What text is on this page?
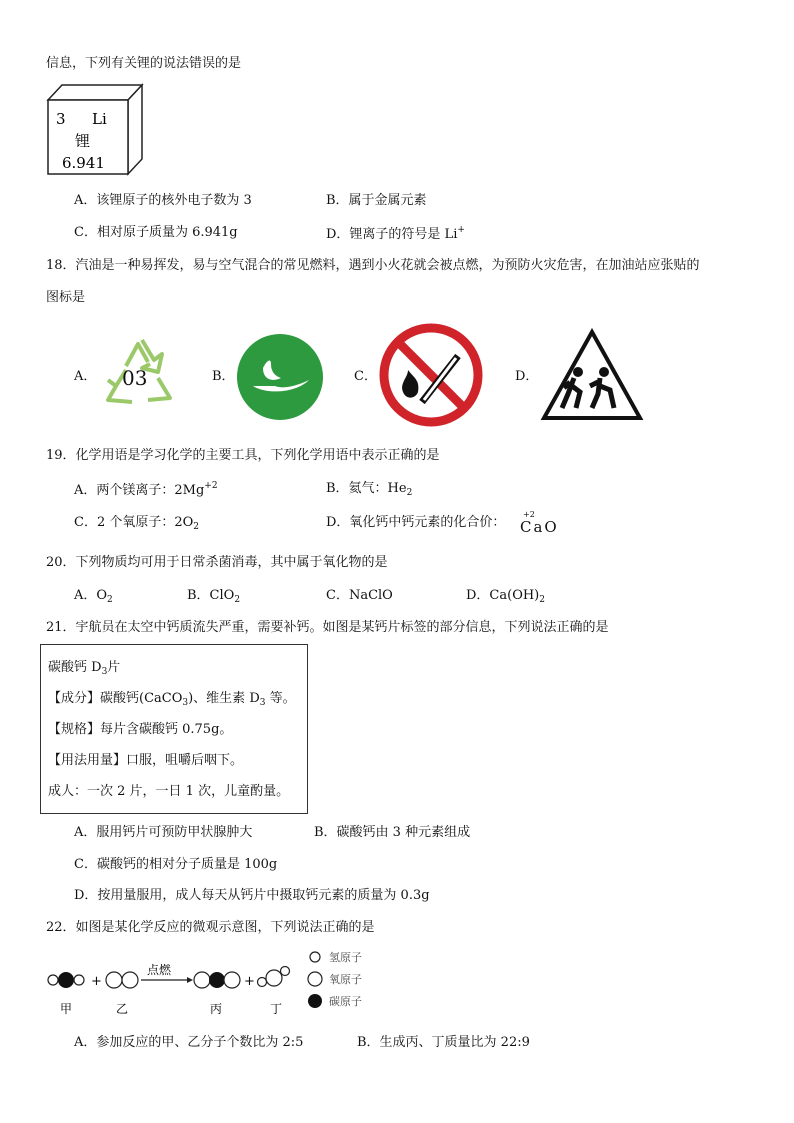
信息，下列有关锂的说法错误的是
3 Li
锂
6.941
A．该锂原子的核外电子数为 3	B．属于金属元素
C．相对原子质量为 6.941g	D．锂离子的符号是 Li+
18．汽油是一种易挥发，易与空气混合的常见燃料，遇到小火花就会被点燃，为预防火灾危害，在加油站应张贴的
图标是
A． 03	B．	C．	D．
19．化学用语是学习化学的主要工具，下列化学用语中表示正确的是
A．两个镁离子：$2Mg^{+2}$	B．氦气：$He_2$
C．2 个氧原子：$2O_2$	D．氧化钙中钙元素的化合价：
+2
CaO
20．下列物质均可用于日常杀菌消毒，其中属于氧化物的是
A．$O_2$	B．ClO$_2$	C．NaClO	D．$Ca(OH)_2$
21．宇航员在太空中钙质流失严重，需要补钙。如图是某钙片标签的部分信息，下列说法正确的是
碳酸钙 $D_3$片
【成分】碳酸钙(CaCO$_3$)、维生素 $D_3$ 等。
【规格】每片含碳酸钙 0.75g。
【用法用量】口服，咀嚼后咽下。
成人：一次 2 片，一日 1 次，儿童酌量。
A．服用钙片可预防甲状腺肿大	B．碳酸钙由 3 种元素组成
C．碳酸钙的相对分子质量是 100g
D．按用量服用，成人每天从钙片中摄取钙元素的质量为 0.3g
22．如图是某化学反应的微观示意图，下列说法正确的是
+
点燃
+
甲	乙	丙	丁
氢原子
氧原子
碳原子
A．参加反应的甲、乙分子个数比为 2:5	B．生成丙、丁质量比为 22:9
